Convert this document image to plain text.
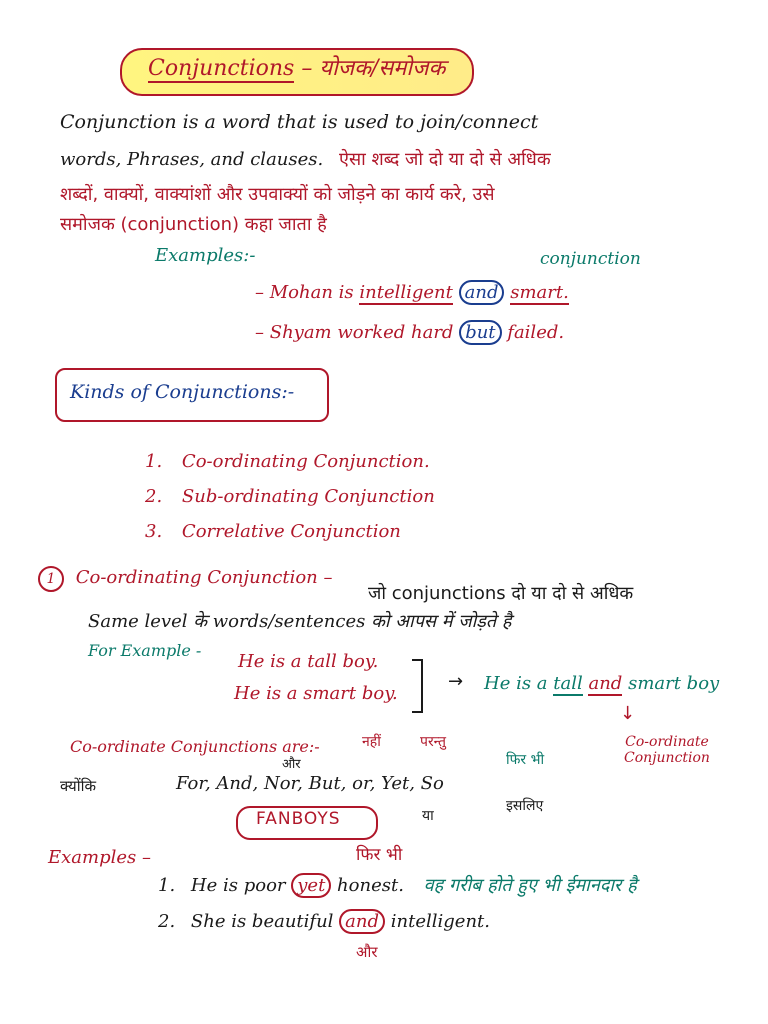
Conjunctions – योजक/समोजक
Conjunction is a word that is used to join/connect
words, Phrases, and clauses. ऐसा शब्द जो दो या दो से अधिक
शब्दों, वाक्यों, वाक्यांशों और उपवाक्यों को जोड़ने का कार्य करे, उसे
समोजक (conjunction) कहा जाता है
Examples:-	conjunction
– Mohan is intelligent and smart.
– Shyam worked hard but failed.
Kinds of Conjunctions:-
1. Co-ordinating Conjunction.
2. Sub-ordinating Conjunction
3. Correlative Conjunction
1 Co-ordinating Conjunction –
जो conjunctions दो या दो से अधिक
Same level के words/sentences को आपस में जोड़ते है
For Example -
He is a tall boy.
He is a smart boy.
→ He is a tall and smart boy
↓
Co-ordinate Conjunction
Co-ordinate Conjunctions are:-	नहीं	परन्तु
फिर भी
और
क्योंकि	For, And, Nor, But, or, Yet, So
या
इसलिए
FANBOYS
Examples –	फिर भी
1. He is poor yet honest. वह गरीब होते हुए भी ईमानदार है
2. She is beautiful and intelligent.
और
